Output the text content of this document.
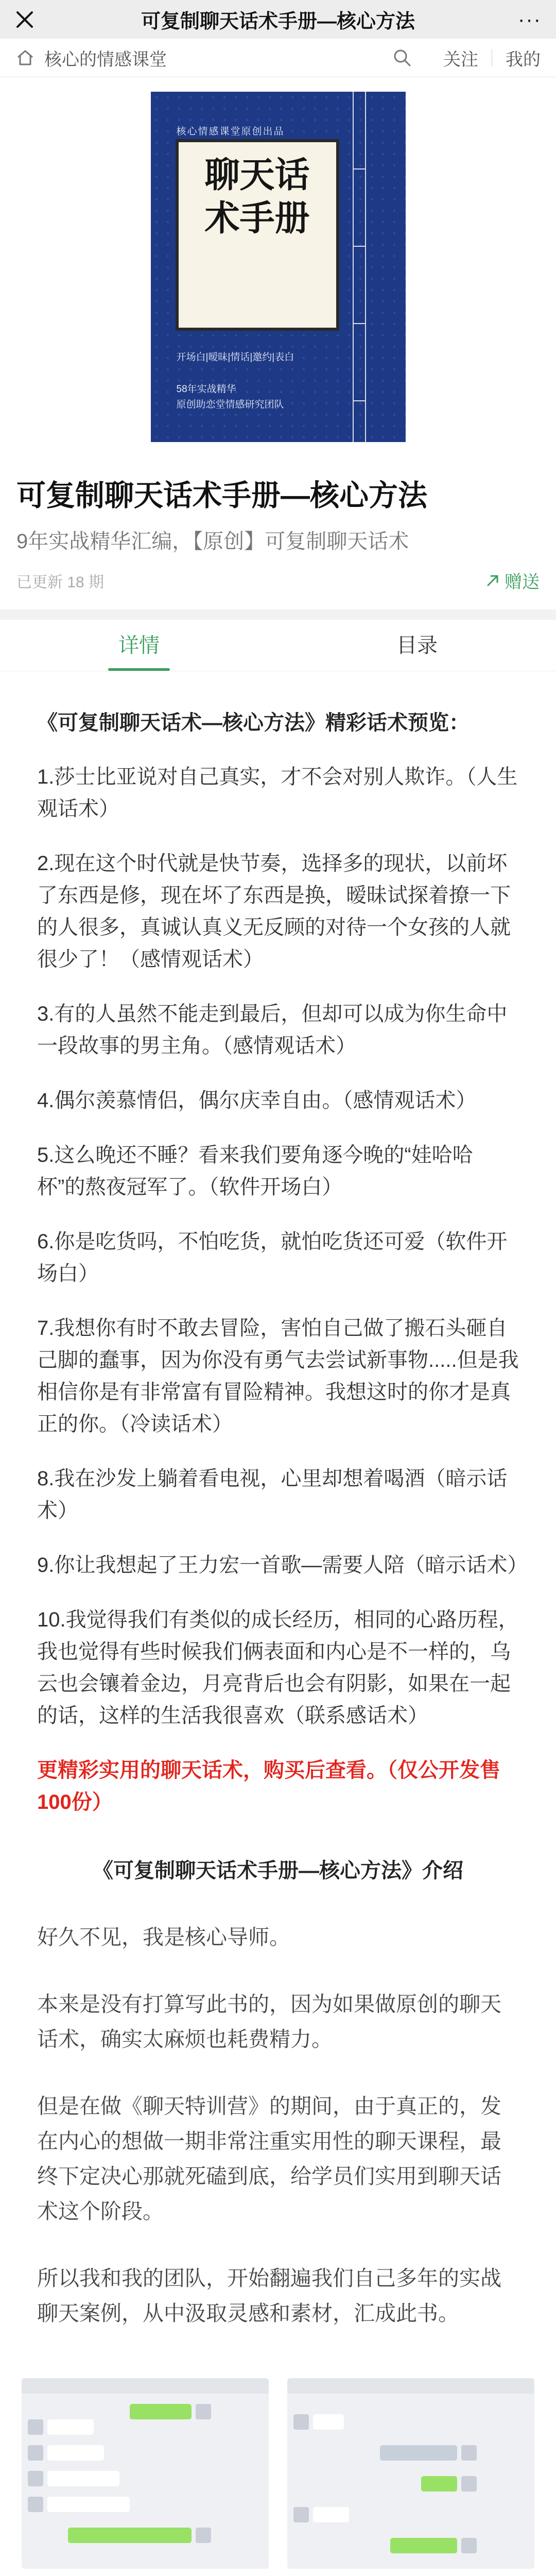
可复制聊天话术手册—核心方法	···
核心的情感课堂	关注 我的
核心情感课堂原创出品
聊天话
术手册
开场白|暧昧|情话|邀约|表白
58年实战精华
原创助恋堂情感研究团队
可复制聊天话术手册—核心方法
9年实战精华汇编，【原创】可复制聊天话术
已更新 18 期	赠送
详情	目录
《可复制聊天话术—核心方法》精彩话术预览：

1.莎士比亚说对自己真实，才不会对别人欺诈。（人生观话术）

2.现在这个时代就是快节奏，选择多的现状，以前坏了东西是修，现在坏了东西是换，暧昧试探着撩一下的人很多，真诚认真义无反顾的对待一个女孩的人就很少了！（感情观话术）

3.有的人虽然不能走到最后，但却可以成为你生命中一段故事的男主角。（感情观话术）

4.偶尔羡慕情侣，偶尔庆幸自由。（感情观话术）

5.这么晚还不睡？看来我们要角逐今晚的“娃哈哈杯”的熬夜冠军了。（软件开场白）

6.你是吃货吗，不怕吃货，就怕吃货还可爱（软件开场白）

7.我想你有时不敢去冒险，害怕自己做了搬石头砸自己脚的蠢事，因为你没有勇气去尝试新事物.....但是我相信你是有非常富有冒险精神。我想这时的你才是真正的你。（冷读话术）

8.我在沙发上躺着看电视，心里却想着喝酒（暗示话术）

9.你让我想起了王力宏一首歌—需要人陪（暗示话术）

10.我觉得我们有类似的成长经历，相同的心路历程，我也觉得有些时候我们俩表面和内心是不一样的，乌云也会镶着金边，月亮背后也会有阴影，如果在一起的话，这样的生活我很喜欢（联系感话术）

更精彩实用的聊天话术，购买后查看。（仅公开发售100份）

《可复制聊天话术手册—核心方法》介绍

好久不见，我是核心导师。

本来是没有打算写此书的，因为如果做原创的聊天话术，确实太麻烦也耗费精力。

但是在做《聊天特训营》的期间，由于真正的，发在内心的想做一期非常注重实用性的聊天课程，最终下定决心那就死磕到底，给学员们实用到聊天话术这个阶段。

所以我和我的团队，开始翻遍我们自己多年的实战聊天案例，从中汲取灵感和素材，汇成此书。
